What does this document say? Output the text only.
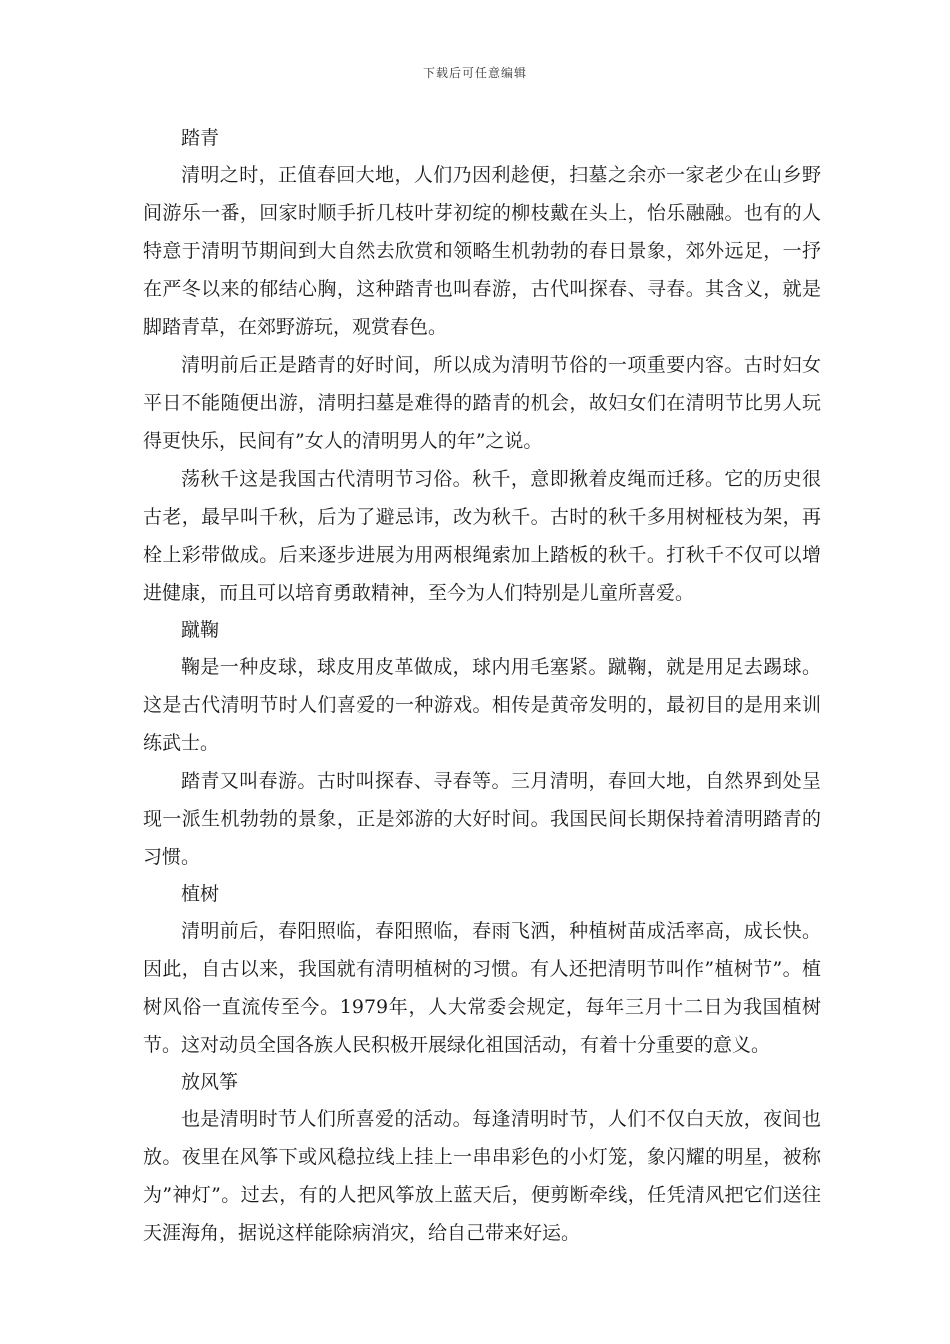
下载后可任意编辑

踏青

清明之时，正值春回大地，人们乃因利趁便，扫墓之余亦一家老少在山乡野间游乐一番，回家时顺手折几枝叶芽初绽的柳枝戴在头上，怡乐融融。也有的人特意于清明节期间到大自然去欣赏和领略生机勃勃的春日景象，郊外远足，一抒在严冬以来的郁结心胸，这种踏青也叫春游，古代叫探春、寻春。其含义，就是脚踏青草，在郊野游玩，观赏春色。

清明前后正是踏青的好时间，所以成为清明节俗的一项重要内容。古时妇女平日不能随便出游，清明扫墓是难得的踏青的机会，故妇女们在清明节比男人玩得更快乐，民间有”女人的清明男人的年”之说。

荡秋千这是我国古代清明节习俗。秋千，意即揪着皮绳而迁移。它的历史很古老，最早叫千秋，后为了避忌讳，改为秋千。古时的秋千多用树桠枝为架，再栓上彩带做成。后来逐步进展为用两根绳索加上踏板的秋千。打秋千不仅可以增进健康，而且可以培育勇敢精神，至今为人们特别是儿童所喜爱。

蹴鞠

鞠是一种皮球，球皮用皮革做成，球内用毛塞紧。蹴鞠，就是用足去踢球。这是古代清明节时人们喜爱的一种游戏。相传是黄帝发明的，最初目的是用来训练武士。

踏青又叫春游。古时叫探春、寻春等。三月清明，春回大地，自然界到处呈现一派生机勃勃的景象，正是郊游的大好时间。我国民间长期保持着清明踏青的习惯。

植树

清明前后，春阳照临，春阳照临，春雨飞洒，种植树苗成活率高，成长快。因此，自古以来，我国就有清明植树的习惯。有人还把清明节叫作”植树节”。植树风俗一直流传至今。1979年，人大常委会规定，每年三月十二日为我国植树节。这对动员全国各族人民积极开展绿化祖国活动，有着十分重要的意义。

放风筝

也是清明时节人们所喜爱的活动。每逢清明时节，人们不仅白天放，夜间也放。夜里在风筝下或风稳拉线上挂上一串串彩色的小灯笼，象闪耀的明星，被称为”神灯”。过去，有的人把风筝放上蓝天后，便剪断牵线，任凭清风把它们送往天涯海角，据说这样能除病消灾，给自己带来好运。
